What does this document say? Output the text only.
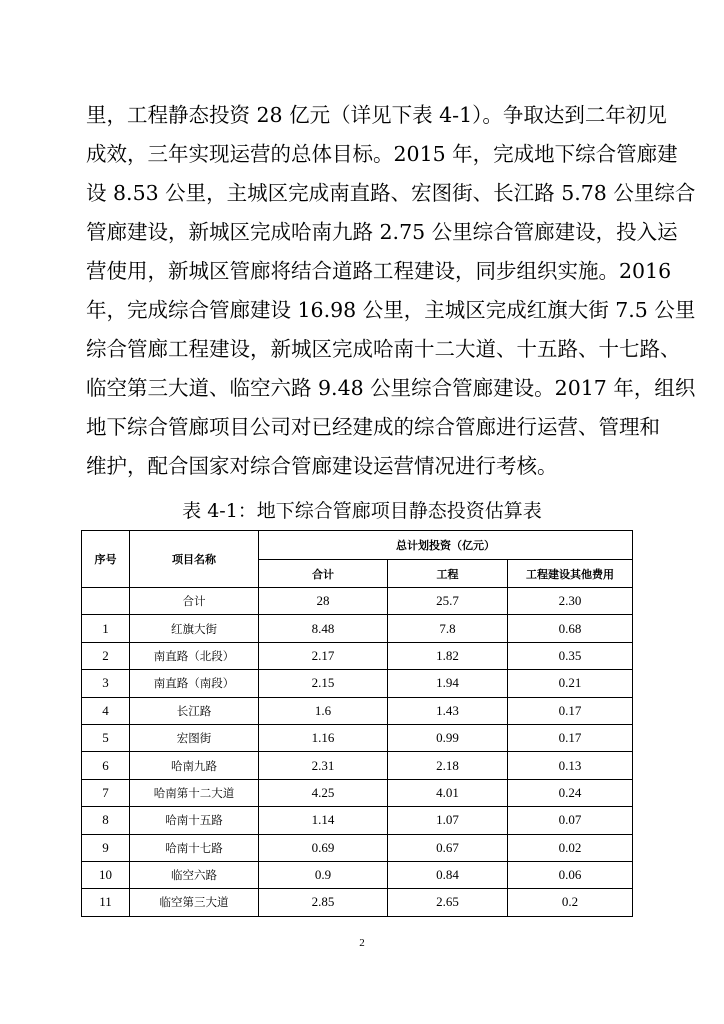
里，工程静态投资 28 亿元（详见下表 4-1）。争取达到二年初见
成效，三年实现运营的总体目标。2015 年，完成地下综合管廊建
设 8.53 公里，主城区完成南直路、宏图街、长江路 5.78 公里综合
管廊建设，新城区完成哈南九路 2.75 公里综合管廊建设，投入运
营使用，新城区管廊将结合道路工程建设，同步组织实施。2016
年，完成综合管廊建设 16.98 公里，主城区完成红旗大街 7.5 公里
综合管廊工程建设，新城区完成哈南十二大道、十五路、十七路、
临空第三大道、临空六路 9.48 公里综合管廊建设。2017 年，组织
地下综合管廊项目公司对已经建成的综合管廊进行运营、管理和
维护，配合国家对综合管廊建设运营情况进行考核。
表 4-1：地下综合管廊项目静态投资估算表
序号	项目名称	总计划投资（亿元）		
		合计	工程	工程建设其他费用
	合计	28	25.7	2.30
1	红旗大街	8.48	7.8	0.68
2	南直路（北段）	2.17	1.82	0.35
3	南直路（南段）	2.15	1.94	0.21
4	长江路	1.6	1.43	0.17
5	宏图街	1.16	0.99	0.17
6	哈南九路	2.31	2.18	0.13
7	哈南第十二大道	4.25	4.01	0.24
8	哈南十五路	1.14	1.07	0.07
9	哈南十七路	0.69	0.67	0.02
10	临空六路	0.9	0.84	0.06
11	临空第三大道	2.85	2.65	0.2
2
